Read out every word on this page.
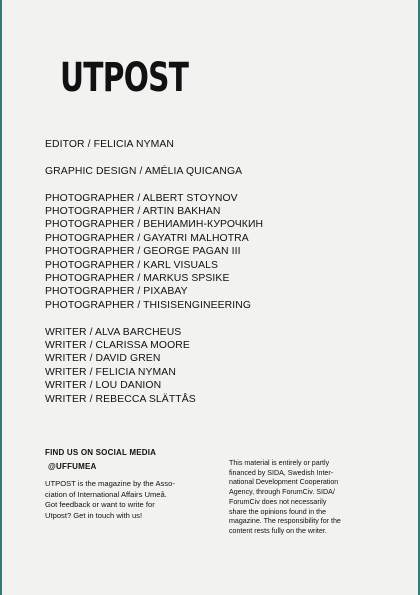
UTPOST
EDITOR / FELICIA NYMAN
GRAPHIC DESIGN / AMÉLIA QUICANGA
PHOTOGRAPHER / ALBERT STOYNOV
PHOTOGRAPHER / ARTIN BAKHAN
PHOTOGRAPHER / ВЕНИАМИН-КУРОЧКИН
PHOTOGRAPHER / GAYATRI MALHOTRA
PHOTOGRAPHER / GEORGE PAGAN III
PHOTOGRAPHER / KARL VISUALS
PHOTOGRAPHER / MARKUS SPSIKE
PHOTOGRAPHER / PIXABAY
PHOTOGRAPHER / THISISENGINEERING
WRITER / ALVA BARCHEUS
WRITER / CLARISSA MOORE
WRITER / DAVID GREN
WRITER / FELICIA NYMAN
WRITER / LOU DANION
WRITER / REBECCA SLÄTTÅS
FIND US ON SOCIAL MEDIA
@UFFUMEA
UTPOST is the magazine by the Asso-
ciation of International Affairs Umeå.
Got feedback or want to write for
Utpost? Get in touch with us!
This material is entirely or partly
financed by SIDA, Swedish Inter-
national Development Cooperation
Agency, through ForumCiv. SIDA/
ForumCiv does not necessarily
share the opinions found in the
magazine. The responsibility for the
content rests fully on the writer.
